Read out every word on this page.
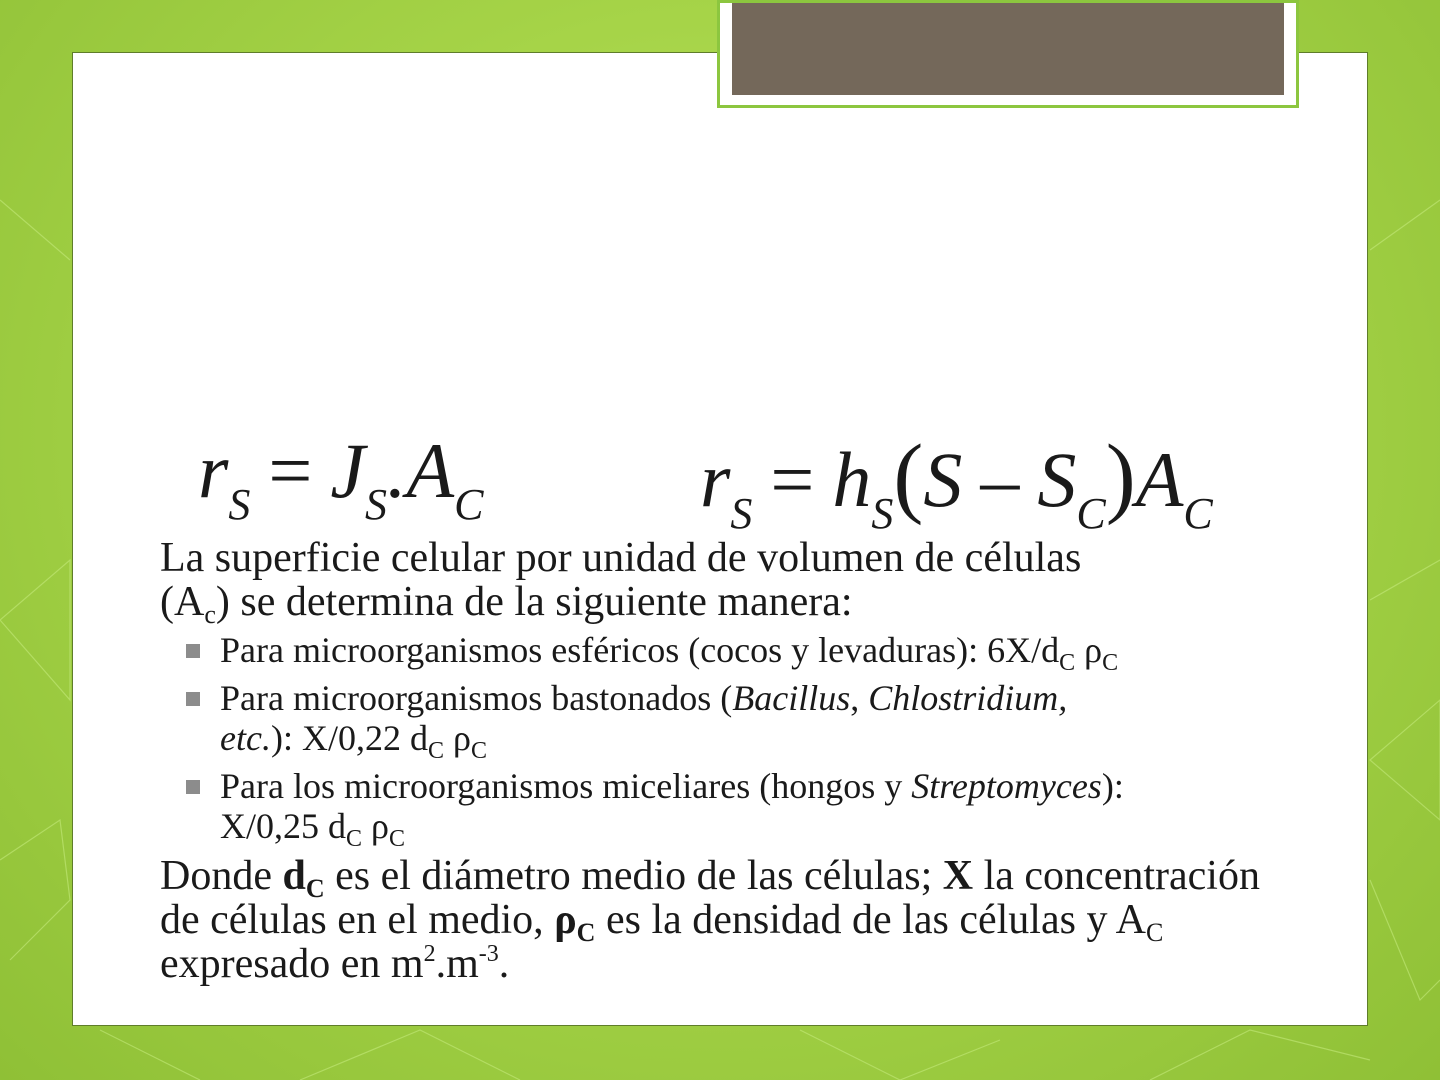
$r_S = J_S.A_C$	$r_S = h_S(S - S_C)A_C$

La superficie celular por unidad de volumen de células
$(A_c)$ se determina de la siguiente manera:

Para microorganismos esféricos (cocos y levaduras): $6X/d_C$ $\rho_C$
Para microorganismos bastonados (Bacillus, Chlostridium,
etc.): X/0,22 $d_C$ $\rho_C$
Para los microorganismos miceliares (hongos y Streptomyces):
X/0,25 $d_C$ $\rho_C$

Donde $d_C$ es el diámetro medio de las células; X la concentración de células en el medio, $\rho_C$ es la densidad de las células y $A_C$ expresado en $m^2.m^{-3}$.
